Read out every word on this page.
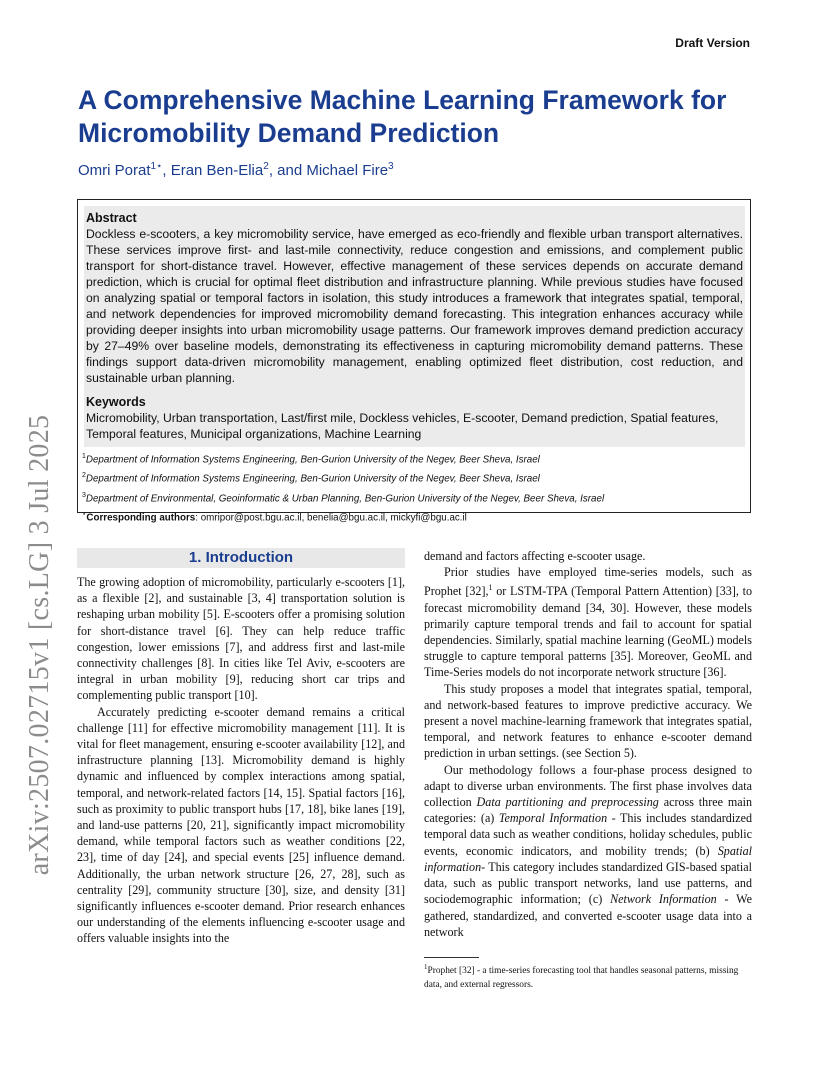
Draft Version
arXiv:2507.02715v1 [cs.LG] 3 Jul 2025
A Comprehensive Machine Learning Framework for Micromobility Demand Prediction
Omri Porat$^{1⋆}$, Eran Ben-Elia$^2$, and Michael Fire$^3$
Abstract
Dockless e-scooters, a key micromobility service, have emerged as eco-friendly and flexible urban transport alternatives. These services improve first- and last-mile connectivity, reduce congestion and emissions, and complement public transport for short-distance travel. However, effective management of these services depends on accurate demand prediction, which is crucial for optimal fleet distribution and infrastructure planning. While previous studies have focused on analyzing spatial or temporal factors in isolation, this study introduces a framework that integrates spatial, temporal, and network dependencies for improved micromobility demand forecasting. This integration enhances accuracy while providing deeper insights into urban micromobility usage patterns. Our framework improves demand prediction accuracy by 27–49% over baseline models, demonstrating its effectiveness in capturing micromobility demand patterns. These findings support data-driven micromobility management, enabling optimized fleet distribution, cost reduction, and sustainable urban planning.
Keywords
Micromobility, Urban transportation, Last/first mile, Dockless vehicles, E-scooter, Demand prediction, Spatial features, Temporal features, Municipal organizations, Machine Learning
$^1$Department of Information Systems Engineering, Ben-Gurion University of the Negev, Beer Sheva, Israel
$^2$Department of Information Systems Engineering, Ben-Gurion University of the Negev, Beer Sheva, Israel
$^3$Department of Environmental, Geoinformatic & Urban Planning, Ben-Gurion University of the Negev, Beer Sheva, Israel
⋆Corresponding authors: omripor@post.bgu.ac.il, benelia@bgu.ac.il, mickyfi@bgu.ac.il
1. Introduction

The growing adoption of micromobility, particularly e-scooters [1], as a flexible [2], and sustainable [3, 4] transportation solution is reshaping urban mobility [5]. E-scooters offer a promising solution for short-distance travel [6]. They can help reduce traffic congestion, lower emissions [7], and address first and last-mile connectivity challenges [8]. In cities like Tel Aviv, e-scooters are integral in urban mobility [9], reducing short car trips and complementing public transport [10].

Accurately predicting e-scooter demand remains a critical challenge [11] for effective micromobility management [11]. It is vital for fleet management, ensuring e-scooter availability [12], and infrastructure planning [13]. Micromobility demand is highly dynamic and influenced by complex interactions among spatial, temporal, and network-related factors [14, 15]. Spatial factors [16], such as proximity to public transport hubs [17, 18], bike lanes [19], and land-use patterns [20, 21], significantly impact micromobility demand, while temporal factors such as weather conditions [22, 23], time of day [24], and special events [25] influence demand. Additionally, the urban network structure [26, 27, 28], such as centrality [29], community structure [30], size, and density [31] significantly influences e-scooter demand. Prior research enhances our understanding of the elements influencing e-scooter usage and offers valuable insights into the

demand and factors affecting e-scooter usage.

Prior studies have employed time-series models, such as Prophet [32],$^1$ or LSTM-TPA (Temporal Pattern Attention) [33], to forecast micromobility demand [34, 30]. However, these models primarily capture temporal trends and fail to account for spatial dependencies. Similarly, spatial machine learning (GeoML) models struggle to capture temporal patterns [35]. Moreover, GeoML and Time-Series models do not incorporate network structure [36].

This study proposes a model that integrates spatial, temporal, and network-based features to improve predictive accuracy. We present a novel machine-learning framework that integrates spatial, temporal, and network features to enhance e-scooter demand prediction in urban settings. (see Section 5).

Our methodology follows a four-phase process designed to adapt to diverse urban environments. The first phase involves data collection Data partitioning and preprocessing across three main categories: (a) Temporal Information - This includes standardized temporal data such as weather conditions, holiday schedules, public events, economic indicators, and mobility trends; (b) Spatial information- This category includes standardized GIS-based spatial data, such as public transport networks, land use patterns, and sociodemographic information; (c) Network Information - We gathered, standardized, and converted e-scooter usage data into a network

$^1$Prophet [32] - a time-series forecasting tool that handles seasonal patterns, missing data, and external regressors.
